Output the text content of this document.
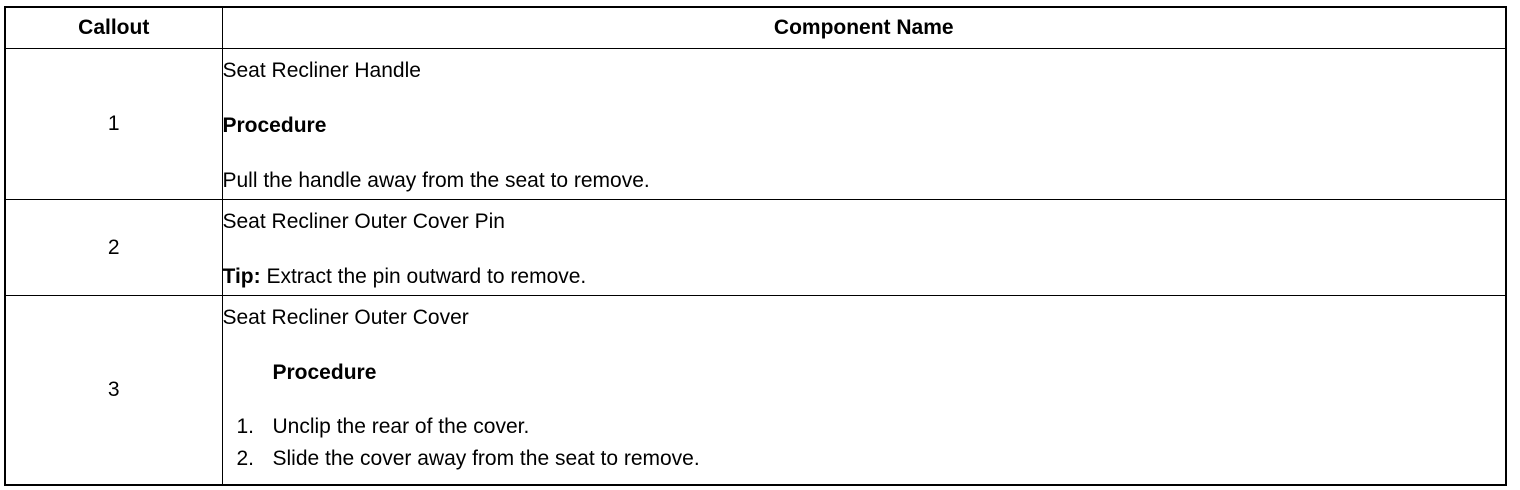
Callout	Component Name
1	Seat Recliner Handle
Procedure
Pull the handle away from the seat to remove.

2	Seat Recliner Outer Cover Pin
Tip: Extract the pin outward to remove.

3	Seat Recliner Outer Cover
Procedure
1. Unclip the rear of the cover.
2. Slide the cover away from the seat to remove.
